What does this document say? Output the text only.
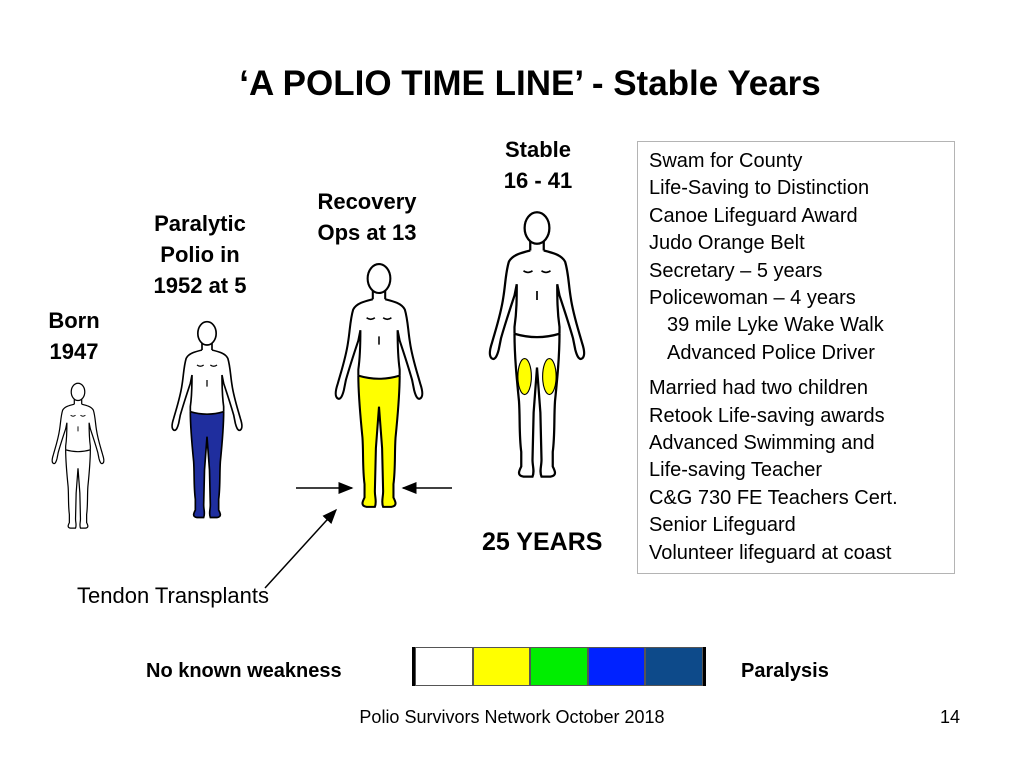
‘A POLIO TIME LINE’ - Stable Years
Born
1947
Paralytic
Polio in
1952 at 5
Recovery
Ops at 13
Stable
16 - 41
Swam for County
Life-Saving to Distinction
Canoe Lifeguard Award
Judo Orange Belt
Secretary – 5 years
Policewoman – 4 years
39 mile Lyke Wake Walk
Advanced Police Driver
Married had two children
Retook Life-saving awards
Advanced Swimming and
Life-saving Teacher
C&G 730 FE Teachers Cert.
Senior Lifeguard
Volunteer lifeguard at coast
25 YEARS
Tendon Transplants
No known weakness	Paralysis
Polio Survivors Network October 2018	14
